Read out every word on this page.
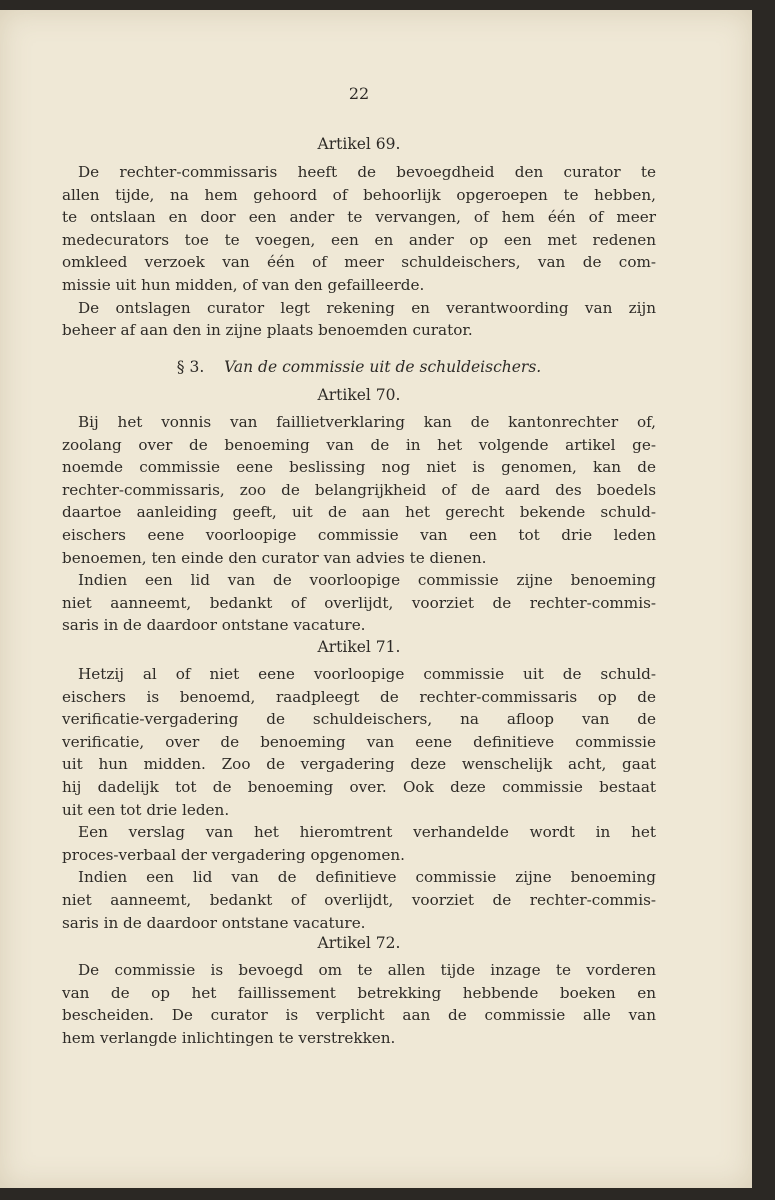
22
Artikel 69.
De rechter-commissaris heeft de bevoegdheid den curator te
allen tijde, na hem gehoord of behoorlijk opgeroepen te hebben,
te ontslaan en door een ander te vervangen, of hem één of meer
medecurators toe te voegen, een en ander op een met redenen
omkleed verzoek van één of meer schuldeischers, van de com-
missie uit hun midden, of van den gefailleerde.
De ontslagen curator legt rekening en verantwoording van zijn
beheer af aan den in zijne plaats benoemden curator.
§ 3. Van de commissie uit de schuldeischers.
Artikel 70.
Bij het vonnis van faillietverklaring kan de kantonrechter of,
zoolang over de benoeming van de in het volgende artikel ge-
noemde commissie eene beslissing nog niet is genomen, kan de
rechter-commissaris, zoo de belangrijkheid of de aard des boedels
daartoe aanleiding geeft, uit de aan het gerecht bekende schuld-
eischers eene voorloopige commissie van een tot drie leden
benoemen, ten einde den curator van advies te dienen.
Indien een lid van de voorloopige commissie zijne benoeming
niet aanneemt, bedankt of overlijdt, voorziet de rechter-commis-
saris in de daardoor ontstane vacature.
Artikel 71.
Hetzij al of niet eene voorloopige commissie uit de schuld-
eischers is benoemd, raadpleegt de rechter-commissaris op de
verificatie-vergadering de schuldeischers, na afloop van de
verificatie, over de benoeming van eene definitieve commissie
uit hun midden. Zoo de vergadering deze wenschelijk acht, gaat
hij dadelijk tot de benoeming over. Ook deze commissie bestaat
uit een tot drie leden.
Een verslag van het hieromtrent verhandelde wordt in het
proces-verbaal der vergadering opgenomen.
Indien een lid van de definitieve commissie zijne benoeming
niet aanneemt, bedankt of overlijdt, voorziet de rechter-commis-
saris in de daardoor ontstane vacature.
Artikel 72.
De commissie is bevoegd om te allen tijde inzage te vorderen
van de op het faillissement betrekking hebbende boeken en
bescheiden. De curator is verplicht aan de commissie alle van
hem verlangde inlichtingen te verstrekken.
